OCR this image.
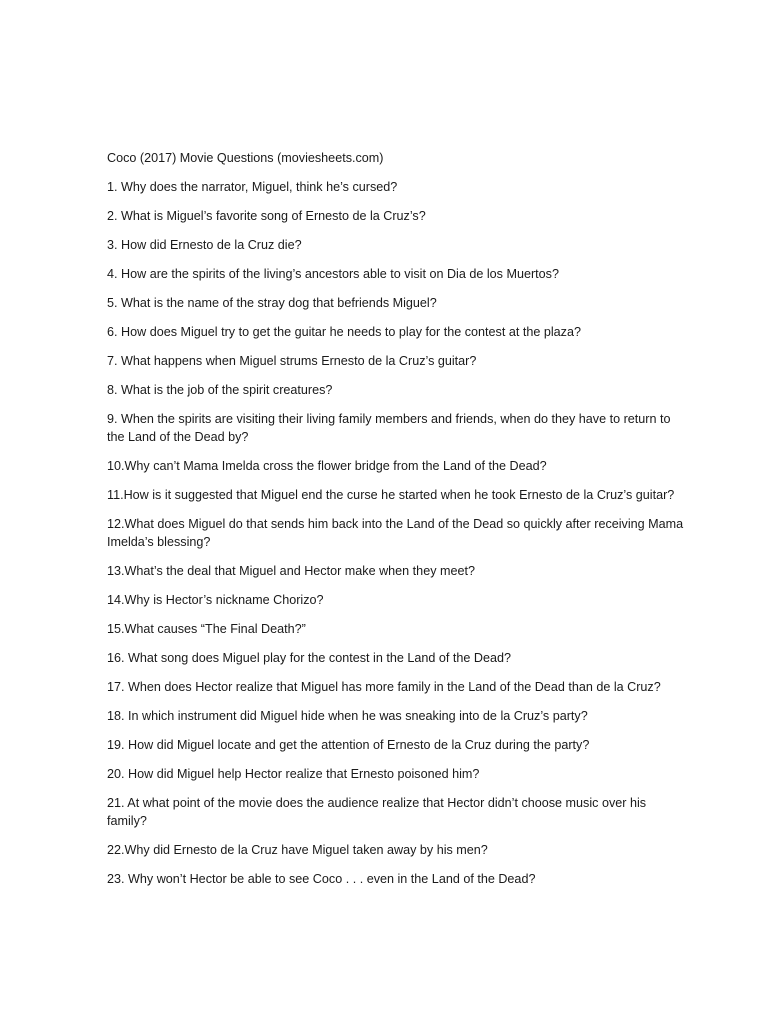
Coco (2017) Movie Questions (moviesheets.com)

1. Why does the narrator, Miguel, think he’s cursed?
2. What is Miguel’s favorite song of Ernesto de la Cruz’s?
3. How did Ernesto de la Cruz die?
4. How are the spirits of the living’s ancestors able to visit on Dia de los Muertos?
5. What is the name of the stray dog that befriends Miguel?
6. How does Miguel try to get the guitar he needs to play for the contest at the plaza?
7. What happens when Miguel strums Ernesto de la Cruz’s guitar?
8. What is the job of the spirit creatures?
9. When the spirits are visiting their living family members and friends, when do they have to return to the Land of the Dead by?
10.Why can’t Mama Imelda cross the flower bridge from the Land of the Dead?
11.How is it suggested that Miguel end the curse he started when he took Ernesto de la Cruz’s guitar?
12.What does Miguel do that sends him back into the Land of the Dead so quickly after receiving Mama Imelda’s blessing?
13.What’s the deal that Miguel and Hector make when they meet?
14.Why is Hector’s nickname Chorizo?
15.What causes “The Final Death?”
16. What song does Miguel play for the contest in the Land of the Dead?
17. When does Hector realize that Miguel has more family in the Land of the Dead than de la Cruz?
18. In which instrument did Miguel hide when he was sneaking into de la Cruz’s party?
19. How did Miguel locate and get the attention of Ernesto de la Cruz during the party?
20. How did Miguel help Hector realize that Ernesto poisoned him?
21. At what point of the movie does the audience realize that Hector didn’t choose music over his family?
22.Why did Ernesto de la Cruz have Miguel taken away by his men?
23. Why won’t Hector be able to see Coco . . . even in the Land of the Dead?
